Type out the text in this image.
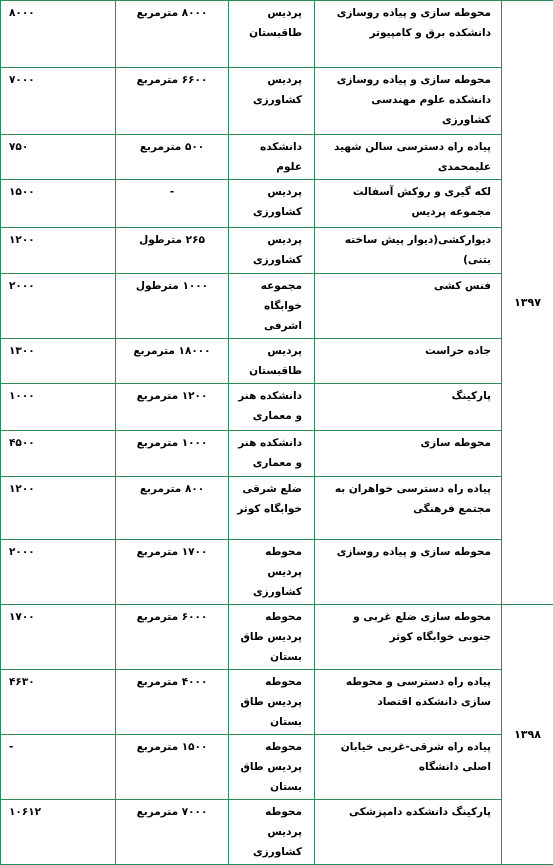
۱۳۹۷	محوطه سازی و پیاده روسازی دانشکده برق و کامپیوتر	پردیس طاقبستان	۸۰۰۰ مترمربع	۸۰۰۰
	محوطه سازی و پیاده روسازی دانشکده علوم مهندسی کشاورزی	پردیس کشاورزی	۶۶۰۰ مترمربع	۷۰۰۰
	پیاده راه دسترسی سالن شهید علیمحمدی	دانشکده علوم	۵۰۰ مترمربع	۷۵۰
	لکه گیری و روکش آسفالت مجموعه پردیس	پردیس کشاورزی	-	۱۵۰۰
	دیوارکشی(دیوار پیش ساخته بتنی)	پردیس کشاورزی	۲۶۵ مترطول	۱۲۰۰
	فنس کشی	مجموعه خوابگاه اشرفی	۱۰۰۰ مترطول	۲۰۰۰
	جاده حراست	پردیس طاقبستان	۱۸۰۰۰ مترمربع	۱۳۰۰
	پارکینگ	دانشکده هنر و معماری	۱۲۰۰ مترمربع	۱۰۰۰
	محوطه سازی	دانشکده هنر و معماری	۱۰۰۰ مترمربع	۴۵۰۰
	پیاده راه دسترسی خواهران به مجتمع فرهنگی	ضلع شرقی خوابگاه کوثر	۸۰۰ مترمربع	۱۲۰۰
	محوطه سازی و پیاده روسازی	محوطه پردیس کشاورزی	۱۷۰۰ مترمربع	۲۰۰۰
۱۳۹۸	محوطه سازی ضلع غربی و جنوبی خوابگاه کوثر	محوطه پردیس طاق بستان	۶۰۰۰ مترمربع	۱۷۰۰
	پیاده راه دسترسی و محوطه سازی دانشکده اقتصاد	محوطه پردیس طاق بستان	۴۰۰۰ مترمربع	۴۶۳۰
	پیاده راه شرقی-غربی خیابان اصلی دانشگاه	محوطه پردیس طاق بستان	۱۵۰۰ مترمربع	-
	پارکینگ دانشکده دامپزشکی	محوطه پردیس کشاورزی	۷۰۰۰ مترمربع	۱۰۶۱۲
